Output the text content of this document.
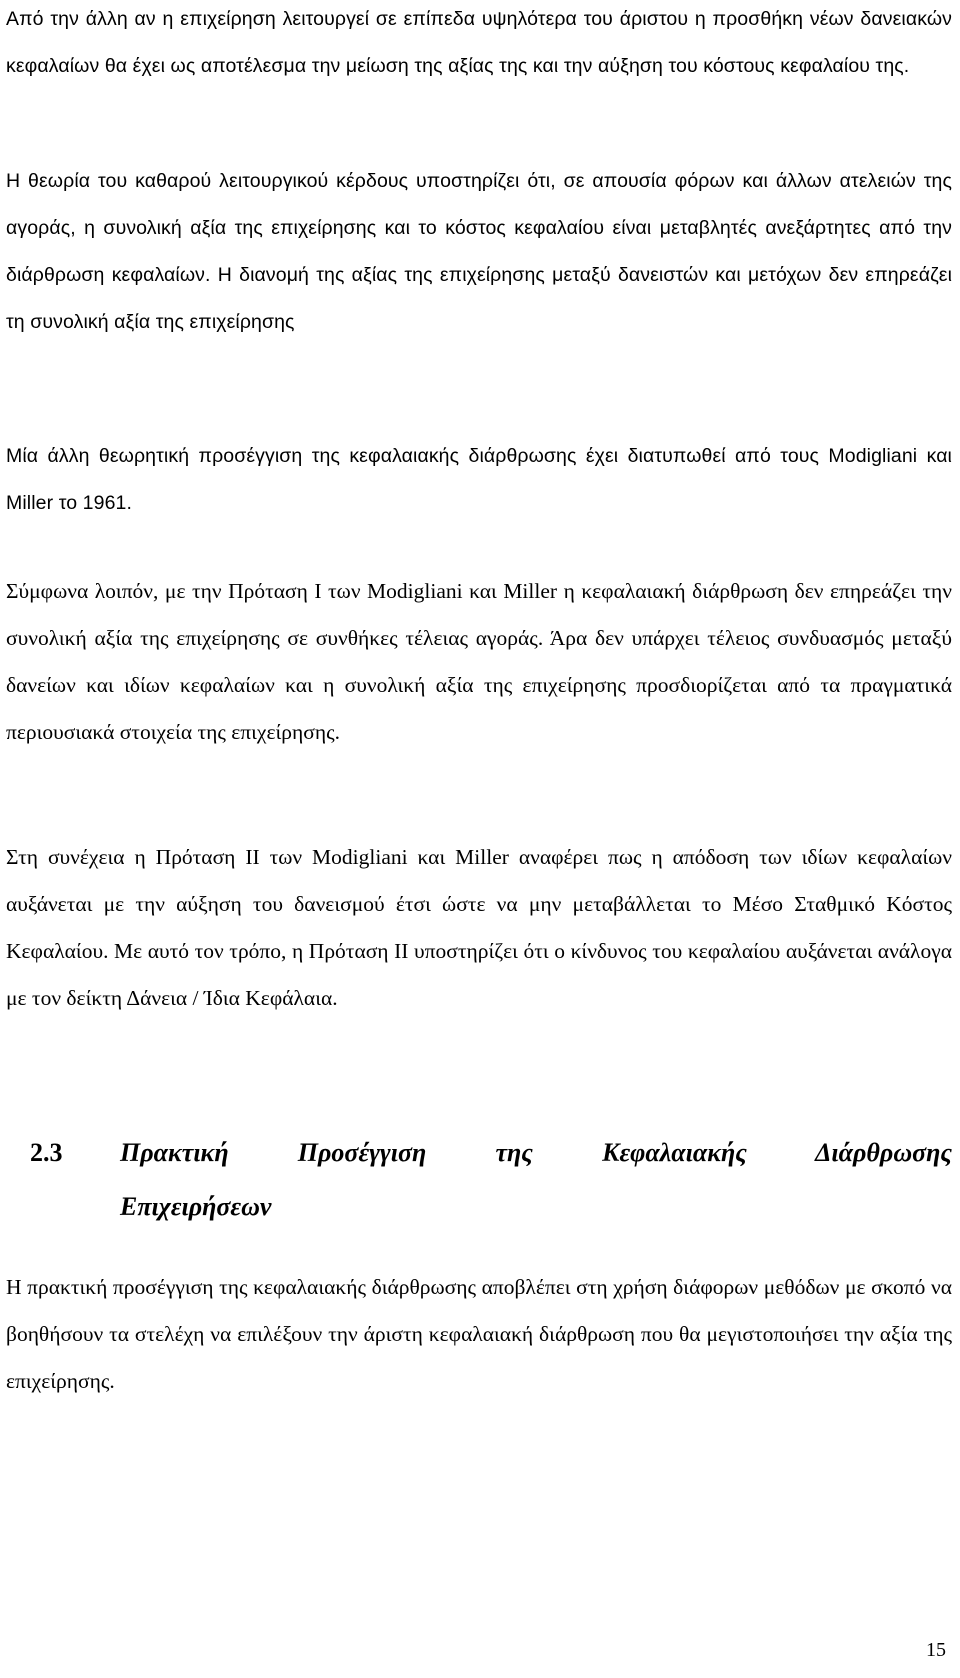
Από την άλλη αν η επιχείρηση λειτουργεί σε επίπεδα υψηλότερα του άριστου η προσθήκη νέων δανειακών κεφαλαίων θα έχει ως αποτέλεσμα την μείωση της αξίας της και την αύξηση του κόστους κεφαλαίου της.

Η θεωρία του καθαρού λειτουργικού κέρδους υποστηρίζει ότι, σε απουσία φόρων και άλλων ατελειών της αγοράς, η συνολική αξία της επιχείρησης και το κόστος κεφαλαίου είναι μεταβλητές ανεξάρτητες από την διάρθρωση κεφαλαίων. Η διανομή της αξίας της επιχείρησης μεταξύ δανειστών και μετόχων δεν επηρεάζει τη συνολική αξία της επιχείρησης

Μία άλλη θεωρητική προσέγγιση της κεφαλαιακής διάρθρωσης έχει διατυπωθεί από τους Modigliani και Miller το 1961.

Σύμφωνα λοιπόν, με την Πρόταση Ι των Modigliani και Miller η κεφαλαιακή διάρθρωση δεν επηρεάζει την συνολική αξία της επιχείρησης σε συνθήκες τέλειας αγοράς. Άρα δεν υπάρχει τέλειος συνδυασμός μεταξύ δανείων και ιδίων κεφαλαίων και η συνολική αξία της επιχείρησης προσδιορίζεται από τα πραγματικά περιουσιακά στοιχεία της επιχείρησης.

Στη συνέχεια η Πρόταση ΙΙ των Modigliani και Miller αναφέρει πως η απόδοση των ιδίων κεφαλαίων αυξάνεται με την αύξηση του δανεισμού έτσι ώστε να μην μεταβάλλεται το Μέσο Σταθμικό Κόστος Κεφαλαίου. Με αυτό τον τρόπο, η Πρόταση ΙΙ υποστηρίζει ότι ο κίνδυνος του κεφαλαίου αυξάνεται ανάλογα με τον δείκτη Δάνεια / Ίδια Κεφάλαια.

2.3 Πρακτική Προσέγγιση της Κεφαλαιακής Διάρθρωσης
Επιχειρήσεων

Η πρακτική προσέγγιση της κεφαλαιακής διάρθρωσης αποβλέπει στη χρήση διάφορων μεθόδων με σκοπό να βοηθήσουν τα στελέχη να επιλέξουν την άριστη κεφαλαιακή διάρθρωση που θα μεγιστοποιήσει την αξία της επιχείρησης.

15
